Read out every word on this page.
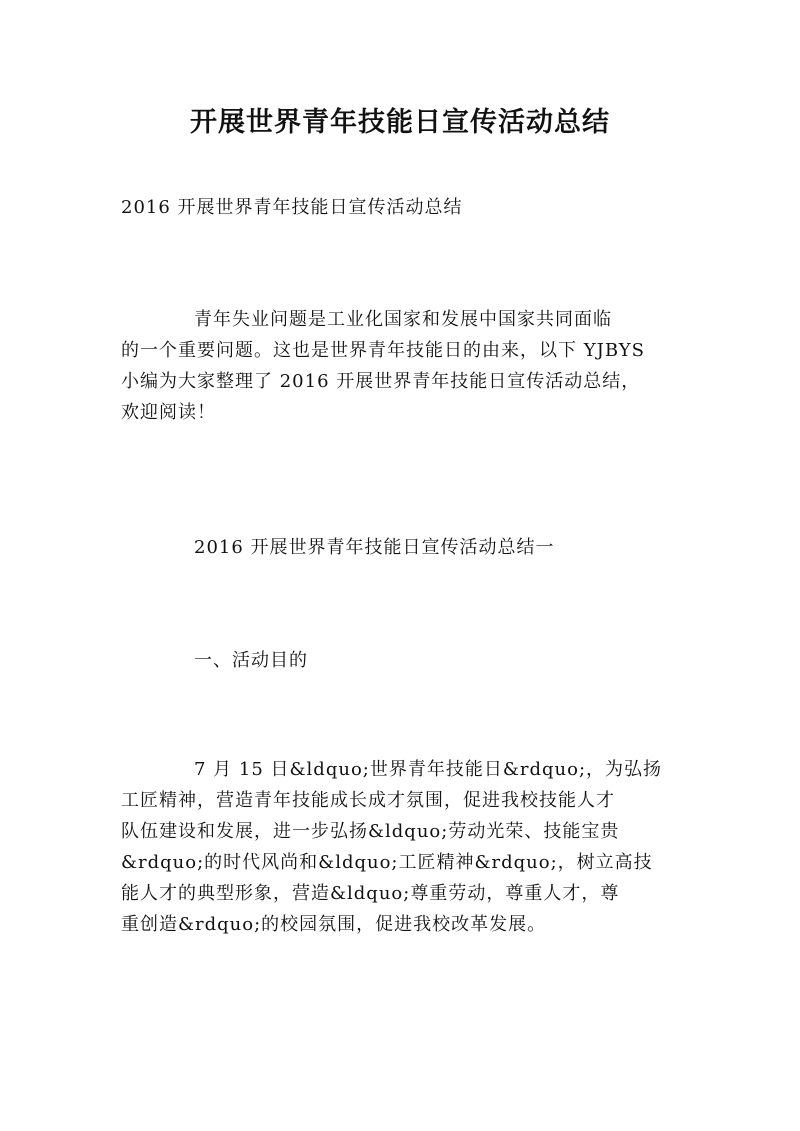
开展世界青年技能日宣传活动总结
2016 开展世界青年技能日宣传活动总结

青年失业问题是工业化国家和发展中国家共同面临
的一个重要问题。这也是世界青年技能日的由来，以下 YJBYS
小编为大家整理了 2016 开展世界青年技能日宣传活动总结，
欢迎阅读！

2016 开展世界青年技能日宣传活动总结一
一、活动目的

7 月 15 日&ldquo;世界青年技能日&rdquo;，为弘扬
工匠精神，营造青年技能成长成才氛围，促进我校技能人才
队伍建设和发展，进一步弘扬&ldquo;劳动光荣、技能宝贵
&rdquo;的时代风尚和&ldquo;工匠精神&rdquo;，树立高技
能人才的典型形象，营造&ldquo;尊重劳动，尊重人才，尊
重创造&rdquo;的校园氛围，促进我校改革发展。
